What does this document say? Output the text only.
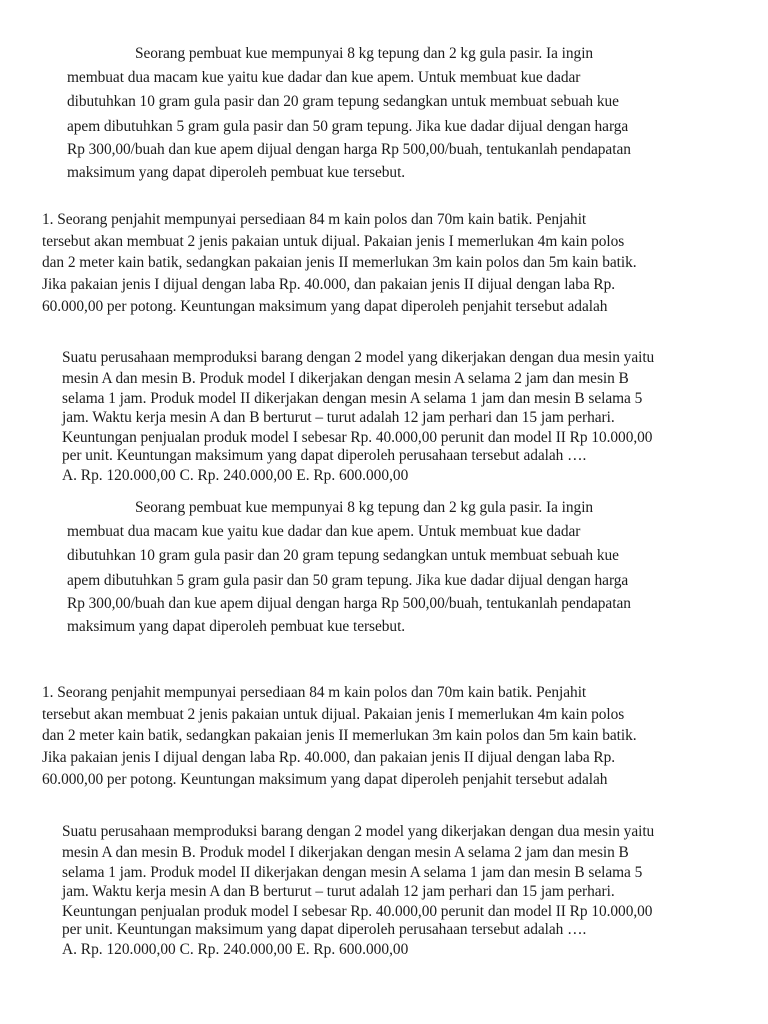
Seorang pembuat kue mempunyai 8 kg tepung dan 2 kg gula pasir. Ia ingin
membuat dua macam kue yaitu kue dadar dan kue apem. Untuk membuat kue dadar
dibutuhkan 10 gram gula pasir dan 20 gram tepung sedangkan untuk membuat sebuah kue
apem dibutuhkan 5 gram gula pasir dan 50 gram tepung. Jika kue dadar dijual dengan harga
Rp 300,00/buah dan kue apem dijual dengan harga Rp 500,00/buah, tentukanlah pendapatan
maksimum yang dapat diperoleh pembuat kue tersebut.
1. Seorang penjahit mempunyai persediaan 84 m kain polos dan 70m kain batik. Penjahit
tersebut akan membuat 2 jenis pakaian untuk dijual. Pakaian jenis I memerlukan 4m kain polos
dan 2 meter kain batik, sedangkan pakaian jenis II memerlukan 3m kain polos dan 5m kain batik.
Jika pakaian jenis I dijual dengan laba Rp. 40.000, dan pakaian jenis II dijual dengan laba Rp.
60.000,00 per potong. Keuntungan maksimum yang dapat diperoleh penjahit tersebut adalah
Suatu perusahaan memproduksi barang dengan 2 model yang dikerjakan dengan dua mesin yaitu
mesin A dan mesin B. Produk model I dikerjakan dengan mesin A selama 2 jam dan mesin B
selama 1 jam. Produk model II dikerjakan dengan mesin A selama 1 jam dan mesin B selama 5
jam. Waktu kerja mesin A dan B berturut – turut adalah 12 jam perhari dan 15 jam perhari.
Keuntungan penjualan produk model I sebesar Rp. 40.000,00 perunit dan model II Rp 10.000,00
per unit. Keuntungan maksimum yang dapat diperoleh perusahaan tersebut adalah ….
A. Rp. 120.000,00 C. Rp. 240.000,00 E. Rp. 600.000,00
Seorang pembuat kue mempunyai 8 kg tepung dan 2 kg gula pasir. Ia ingin
membuat dua macam kue yaitu kue dadar dan kue apem. Untuk membuat kue dadar
dibutuhkan 10 gram gula pasir dan 20 gram tepung sedangkan untuk membuat sebuah kue
apem dibutuhkan 5 gram gula pasir dan 50 gram tepung. Jika kue dadar dijual dengan harga
Rp 300,00/buah dan kue apem dijual dengan harga Rp 500,00/buah, tentukanlah pendapatan
maksimum yang dapat diperoleh pembuat kue tersebut.
1. Seorang penjahit mempunyai persediaan 84 m kain polos dan 70m kain batik. Penjahit
tersebut akan membuat 2 jenis pakaian untuk dijual. Pakaian jenis I memerlukan 4m kain polos
dan 2 meter kain batik, sedangkan pakaian jenis II memerlukan 3m kain polos dan 5m kain batik.
Jika pakaian jenis I dijual dengan laba Rp. 40.000, dan pakaian jenis II dijual dengan laba Rp.
60.000,00 per potong. Keuntungan maksimum yang dapat diperoleh penjahit tersebut adalah
Suatu perusahaan memproduksi barang dengan 2 model yang dikerjakan dengan dua mesin yaitu
mesin A dan mesin B. Produk model I dikerjakan dengan mesin A selama 2 jam dan mesin B
selama 1 jam. Produk model II dikerjakan dengan mesin A selama 1 jam dan mesin B selama 5
jam. Waktu kerja mesin A dan B berturut – turut adalah 12 jam perhari dan 15 jam perhari.
Keuntungan penjualan produk model I sebesar Rp. 40.000,00 perunit dan model II Rp 10.000,00
per unit. Keuntungan maksimum yang dapat diperoleh perusahaan tersebut adalah ….
A. Rp. 120.000,00 C. Rp. 240.000,00 E. Rp. 600.000,00
